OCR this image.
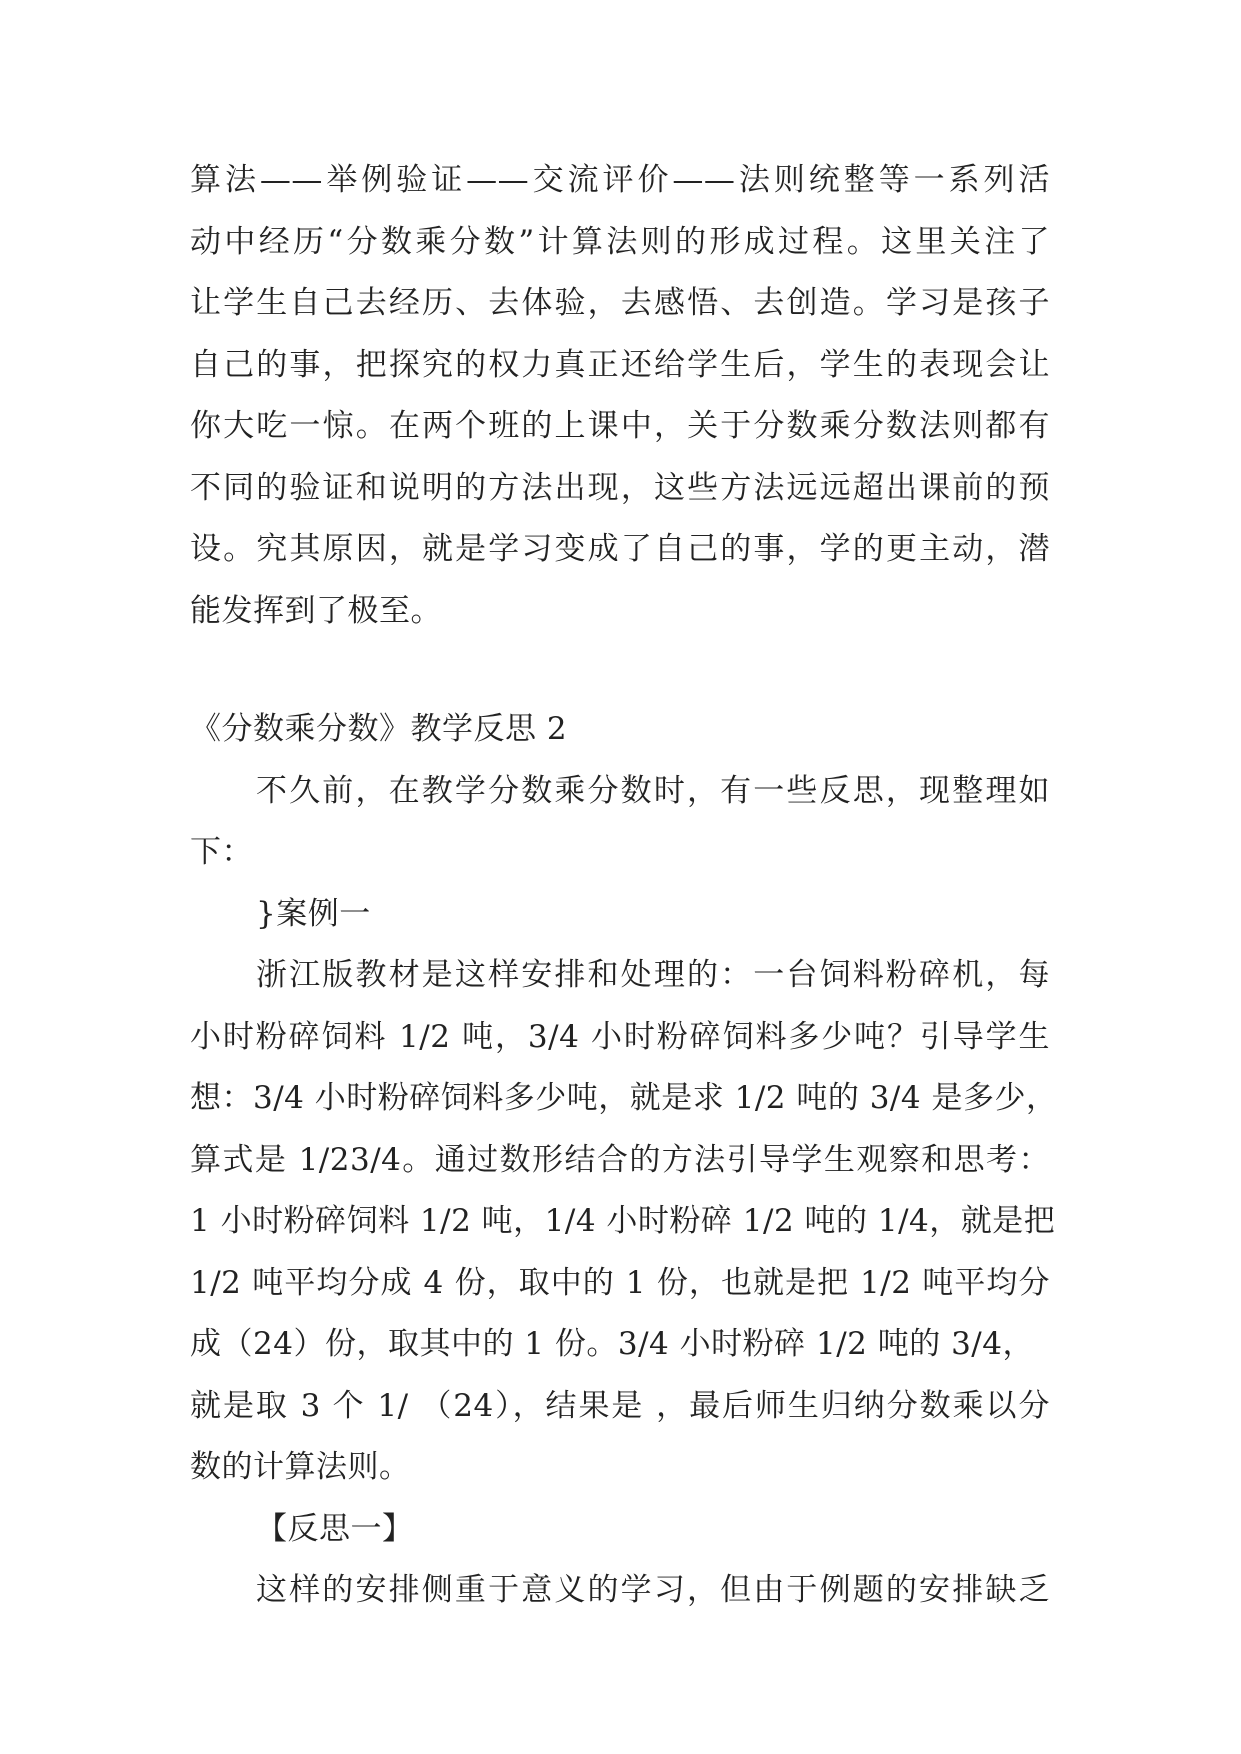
算法——举例验证——交流评价——法则统整等一系列活

动中经历“分数乘分数”计算法则的形成过程。这里关注了

让学生自己去经历、去体验，去感悟、去创造。学习是孩子

自己的事，把探究的权力真正还给学生后，学生的表现会让

你大吃一惊。在两个班的上课中，关于分数乘分数法则都有

不同的验证和说明的方法出现，这些方法远远超出课前的预

设。究其原因，就是学习变成了自己的事，学的更主动，潜

能发挥到了极至。

《分数乘分数》教学反思 2

不久前，在教学分数乘分数时，有一些反思，现整理如

下：

}案例一

浙江版教材是这样安排和处理的：一台饲料粉碎机，每

小时粉碎饲料 1/2 吨，3/4 小时粉碎饲料多少吨？引导学生

想：3/4 小时粉碎饲料多少吨，就是求 1/2 吨的 3/4 是多少，

算式是 1/23/4。通过数形结合的方法引导学生观察和思考：

1 小时粉碎饲料 1/2 吨，1/4 小时粉碎 1/2 吨的 1/4，就是把

1/2 吨平均分成 4 份，取中的 1 份，也就是把 1/2 吨平均分

成（24）份，取其中的 1 份。3/4 小时粉碎 1/2 吨的 3/4，

就是取 3 个 1/ （24），结果是 ，最后师生归纳分数乘以分

数的计算法则。

【反思一】

这样的安排侧重于意义的学习，但由于例题的安排缺乏
